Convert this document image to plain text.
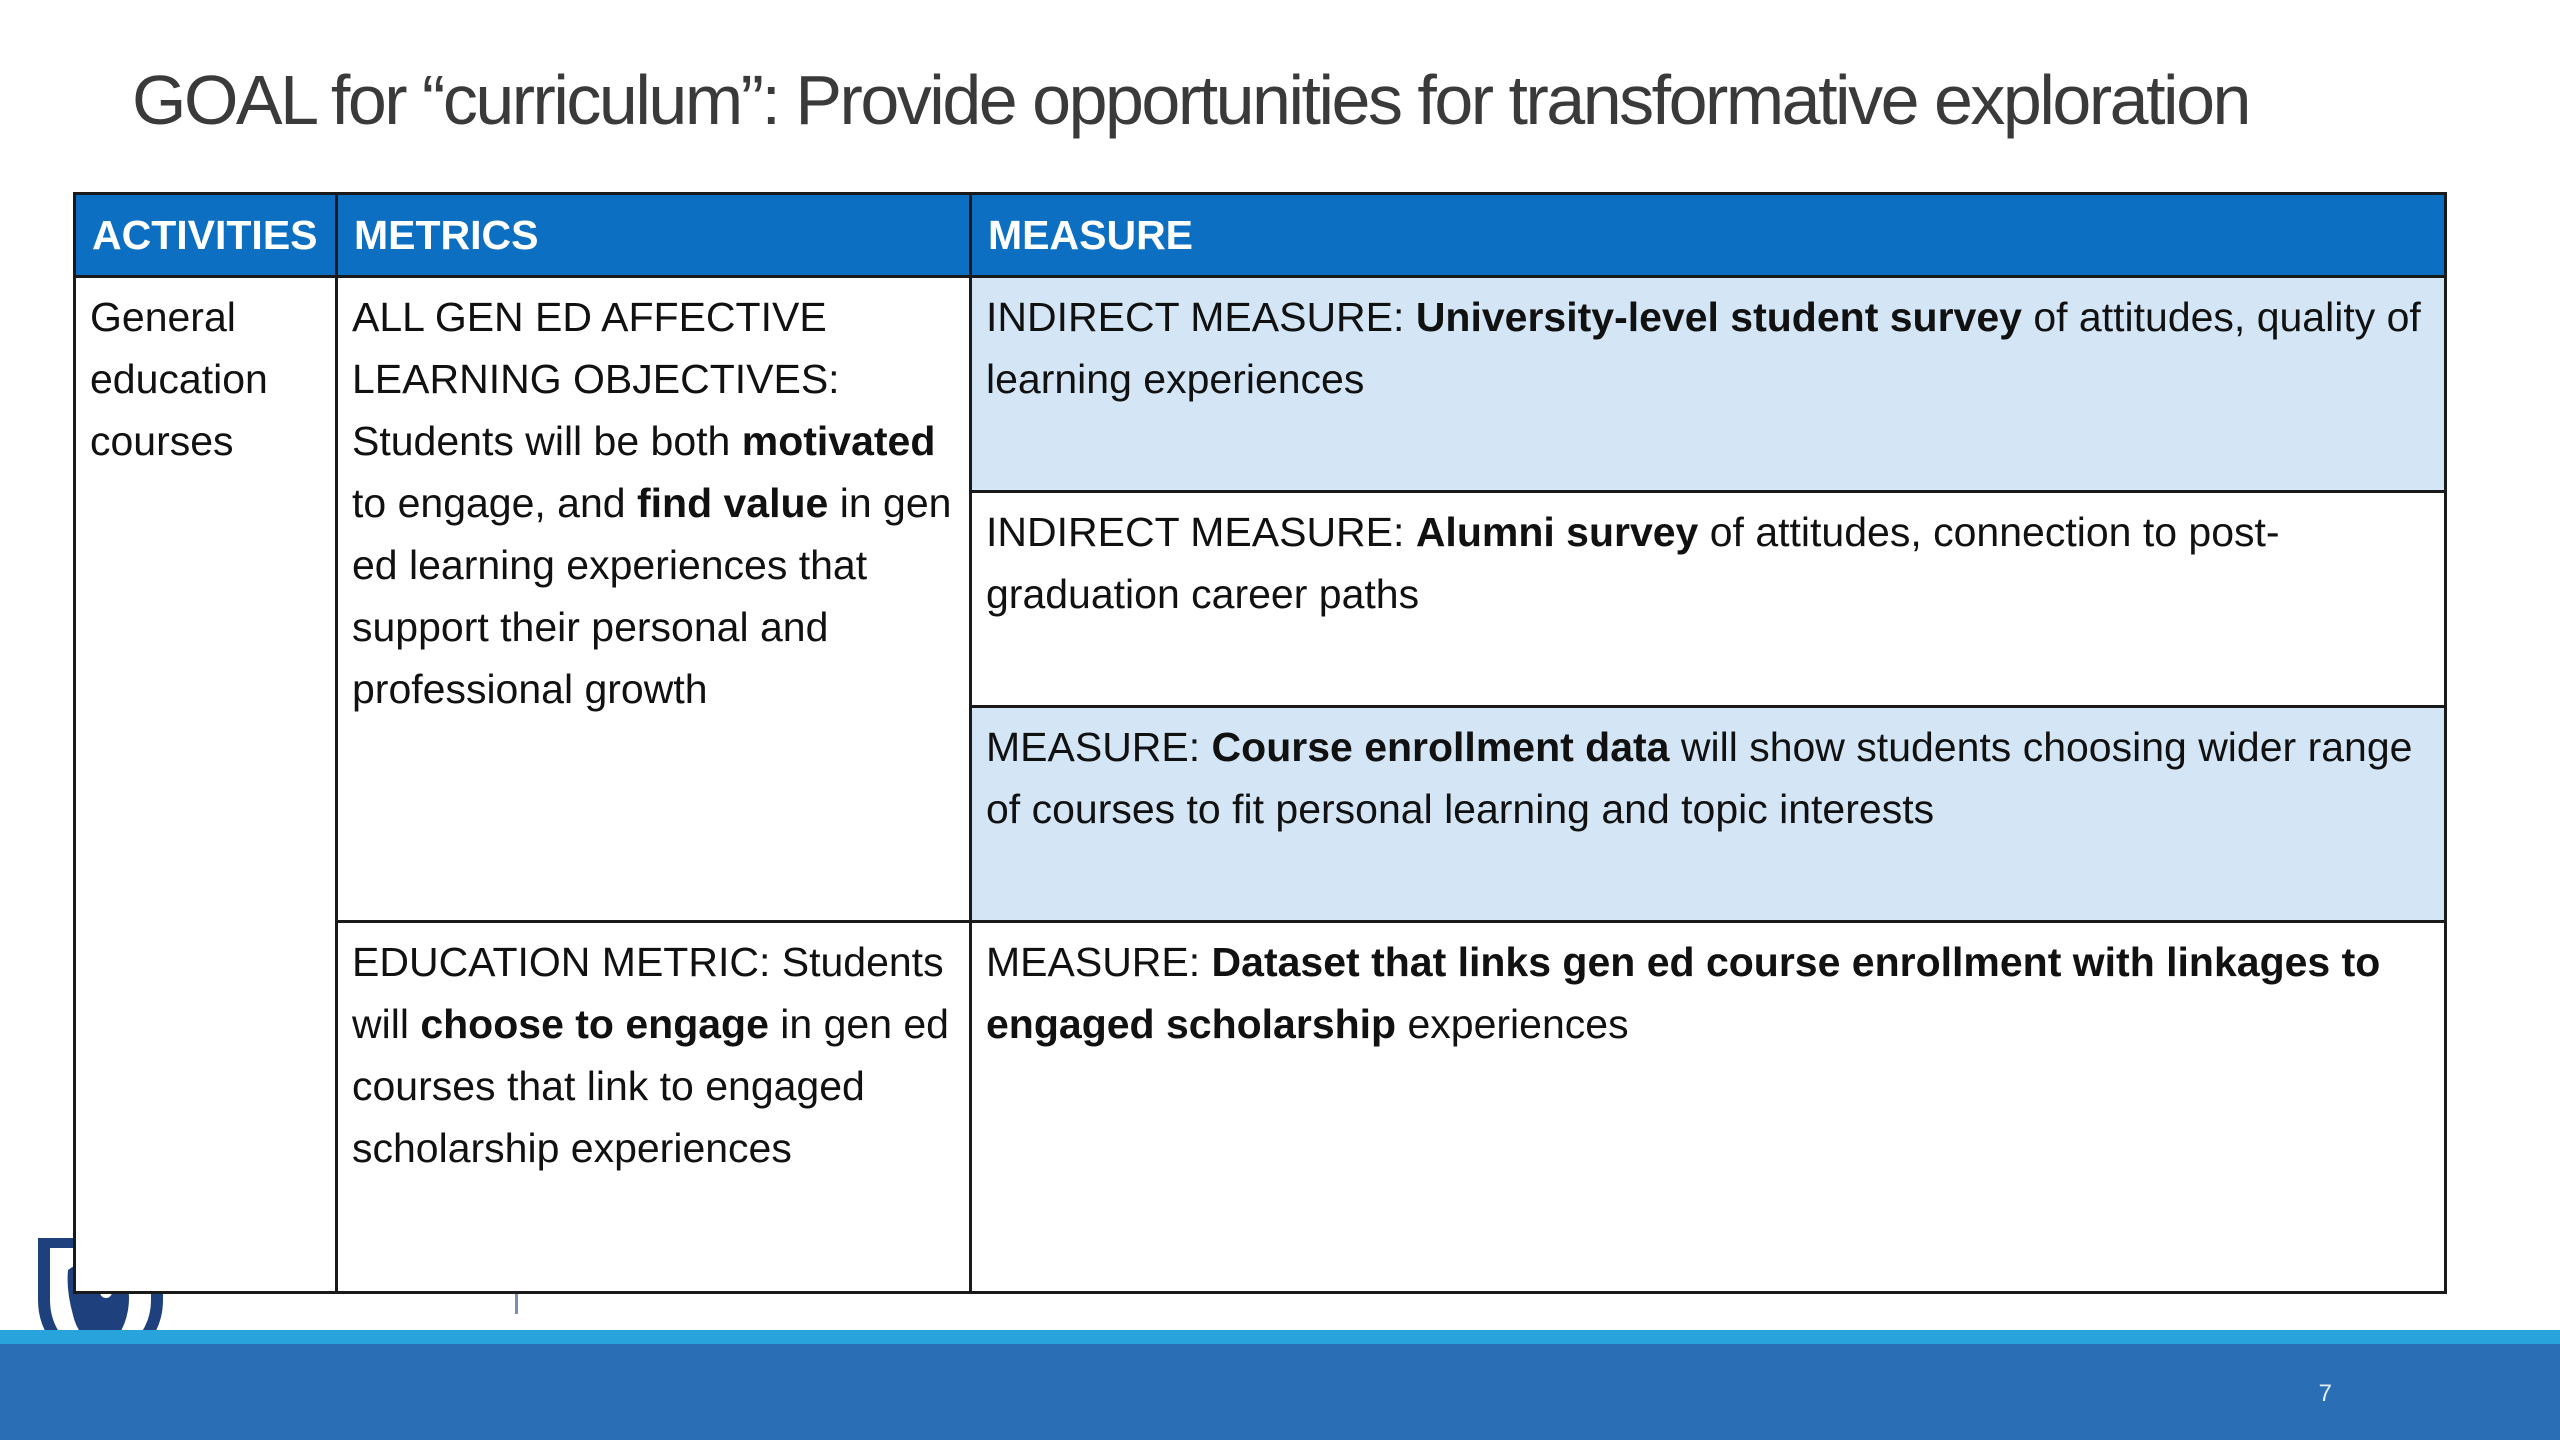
GOAL for “curriculum”: Provide opportunities for transformative exploration
ACTIVITIES	METRICS	MEASURE

General
education
courses	ALL GEN ED AFFECTIVE LEARNING OBJECTIVES: Students will be both motivated to engage, and find value in gen ed learning experiences that support their personal and professional growth	INDIRECT MEASURE: University-level student survey of attitudes, quality of learning experiences
		INDIRECT MEASURE: Alumni survey of attitudes, connection to post-graduation career paths
		MEASURE: Course enrollment data will show students choosing wider range of courses to fit personal learning and topic interests
	EDUCATION METRIC: Students will choose to engage in gen ed courses that link to engaged scholarship experiences	MEASURE: Dataset that links gen ed course enrollment with linkages to engaged scholarship experiences
7
